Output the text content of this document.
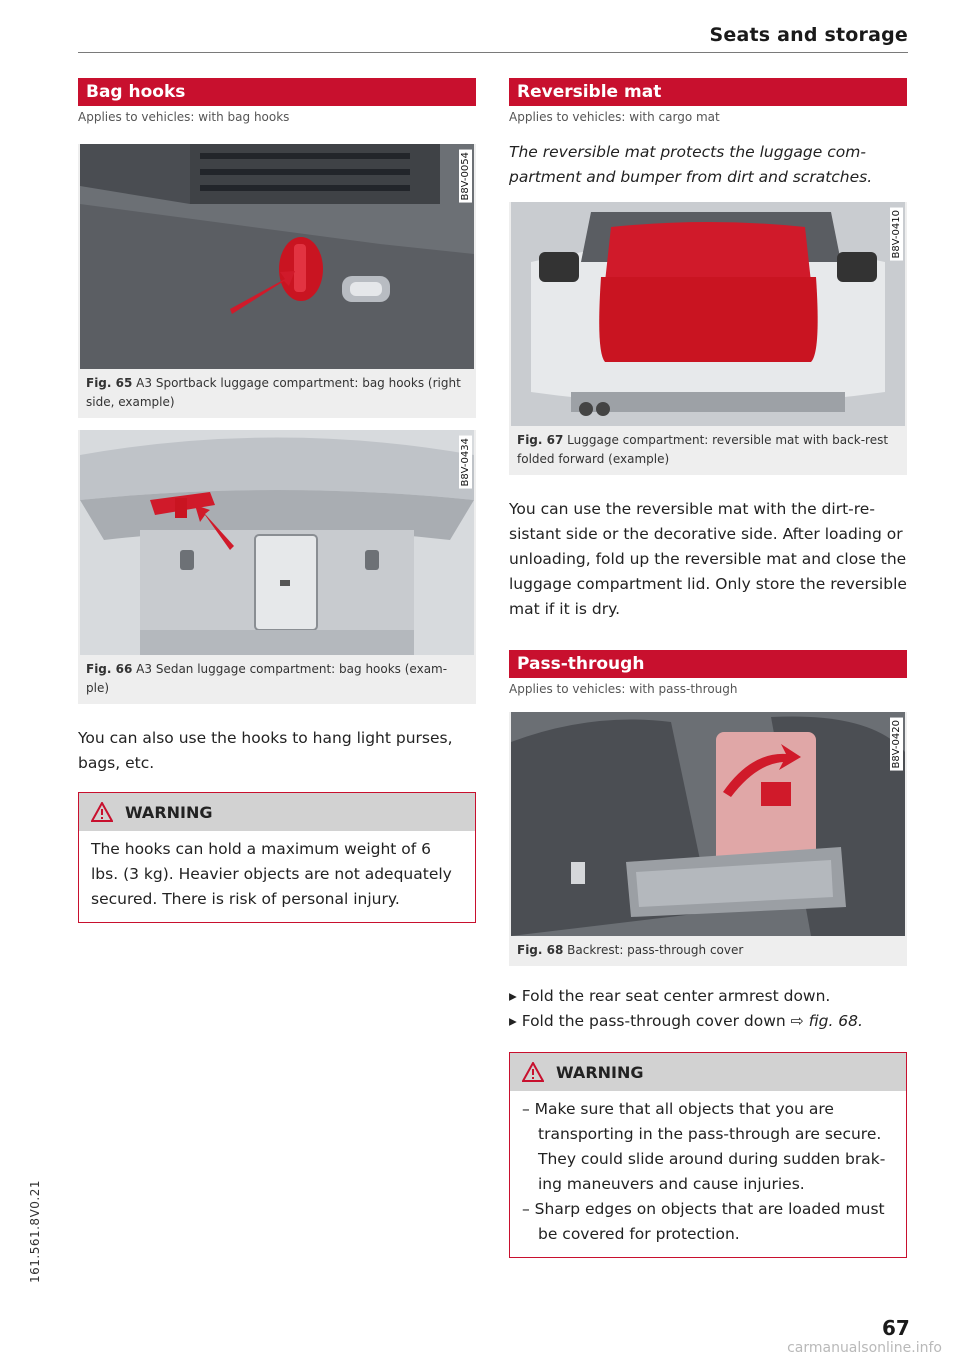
Seats and storage
Bag hooks
Applies to vehicles: with bag hooks
B8V-0054
Fig. 65 A3 Sportback luggage compartment: bag hooks (right side, example)
B8V-0434
Fig. 66 A3 Sedan luggage compartment: bag hooks (exam-ple)

You can also use the hooks to hang light purses, bags, etc.

WARNING
The hooks can hold a maximum weight of 6 lbs. (3 kg). Heavier objects are not adequately secured. There is risk of personal injury.
Reversible mat
Applies to vehicles: with cargo mat

The reversible mat protects the luggage com-partment and bumper from dirt and scratches.

B8V-0410
Fig. 67 Luggage compartment: reversible mat with back-rest folded forward (example)

You can use the reversible mat with the dirt-re-sistant side or the decorative side. After loading or unloading, fold up the reversible mat and close the luggage compartment lid. Only store the reversible mat if it is dry.

Pass-through
Applies to vehicles: with pass-through
B8V-0420
Fig. 68 Backrest: pass-through cover
▸ Fold the rear seat center armrest down.
▸ Fold the pass-through cover down ⇨ fig. 68.
WARNING
– Make sure that all objects that you are transporting in the pass-through are secure. They could slide around during sudden brak-ing maneuvers and cause injuries.
– Sharp edges on objects that are loaded must be covered for protection.
161.561.8V0.21
67
carmanualsonline.info
